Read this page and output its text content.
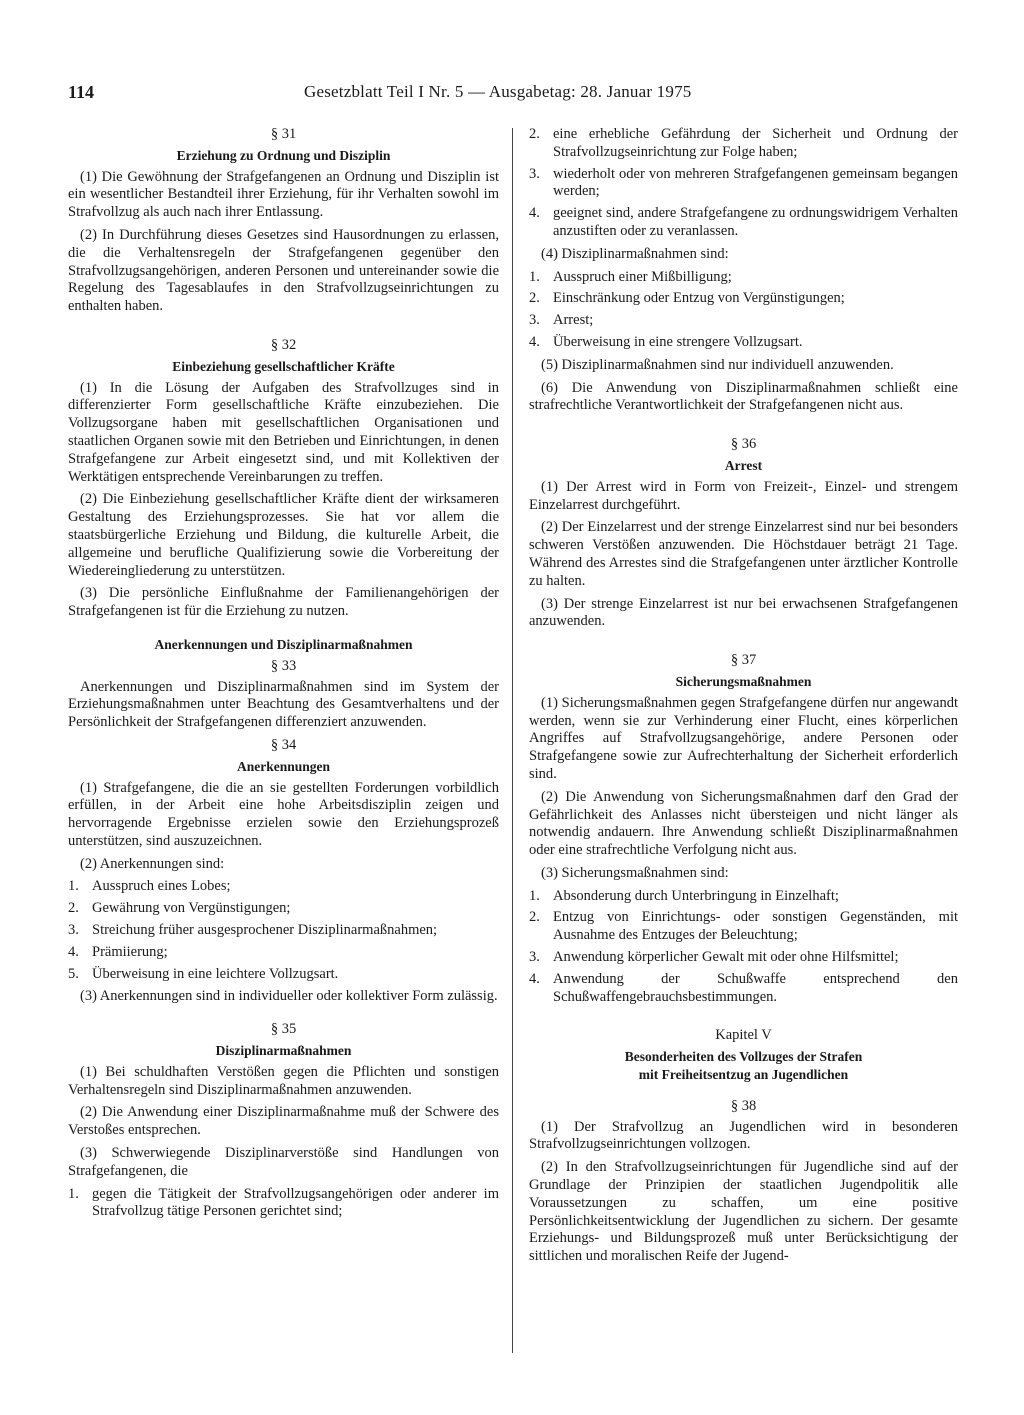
114	Gesetzblatt Teil I Nr. 5 — Ausgabetag: 28. Januar 1975
§ 31
Erziehung zu Ordnung und Disziplin

(1) Die Gewöhnung der Strafgefangenen an Ordnung und Disziplin ist ein wesentlicher Bestandteil ihrer Erziehung, für ihr Verhalten sowohl im Strafvollzug als auch nach ihrer Entlassung.

(2) In Durchführung dieses Gesetzes sind Hausordnungen zu erlassen, die die Verhaltensregeln der Strafgefangenen gegenüber den Strafvollzugsangehörigen, anderen Personen und untereinander sowie die Regelung des Tagesablaufes in den Strafvollzugseinrichtungen zu enthalten haben.

§ 32
Einbeziehung gesellschaftlicher Kräfte

(1) In die Lösung der Aufgaben des Strafvollzuges sind in differenzierter Form gesellschaftliche Kräfte einzubeziehen. Die Vollzugsorgane haben mit gesellschaftlichen Organisationen und staatlichen Organen sowie mit den Betrieben und Einrichtungen, in denen Strafgefangene zur Arbeit eingesetzt sind, und mit Kollektiven der Werktätigen entsprechende Vereinbarungen zu treffen.

(2) Die Einbeziehung gesellschaftlicher Kräfte dient der wirksameren Gestaltung des Erziehungsprozesses. Sie hat vor allem die staatsbürgerliche Erziehung und Bildung, die kulturelle Arbeit, die allgemeine und berufliche Qualifizierung sowie die Vorbereitung der Wiedereingliederung zu unterstützen.

(3) Die persönliche Einflußnahme der Familienangehörigen der Strafgefangenen ist für die Erziehung zu nutzen.

Anerkennungen und Disziplinarmaßnahmen
§ 33

Anerkennungen und Disziplinarmaßnahmen sind im System der Erziehungsmaßnahmen unter Beachtung des Gesamtverhaltens und der Persönlichkeit der Strafgefangenen differenziert anzuwenden.

§ 34
Anerkennungen

(1) Strafgefangene, die die an sie gestellten Forderungen vorbildlich erfüllen, in der Arbeit eine hohe Arbeitsdisziplin zeigen und hervorragende Ergebnisse erzielen sowie den Erziehungsprozeß unterstützen, sind auszuzeichnen.

(2) Anerkennungen sind:

1. Ausspruch eines Lobes;
2. Gewährung von Vergünstigungen;
3. Streichung früher ausgesprochener Disziplinarmaßnahmen;
4. Prämiierung;
5. Überweisung in eine leichtere Vollzugsart.

(3) Anerkennungen sind in individueller oder kollektiver Form zulässig.

§ 35
Disziplinarmaßnahmen

(1) Bei schuldhaften Verstößen gegen die Pflichten und sonstigen Verhaltensregeln sind Disziplinarmaßnahmen anzuwenden.

(2) Die Anwendung einer Disziplinarmaßnahme muß der Schwere des Verstoßes entsprechen.

(3) Schwerwiegende Disziplinarverstöße sind Handlungen von Strafgefangenen, die

1. gegen die Tätigkeit der Strafvollzugsangehörigen oder anderer im Strafvollzug tätige Personen gerichtet sind;
2. eine erhebliche Gefährdung der Sicherheit und Ordnung der Strafvollzugseinrichtung zur Folge haben;
3. wiederholt oder von mehreren Strafgefangenen gemeinsam begangen werden;
4. geeignet sind, andere Strafgefangene zu ordnungswidrigem Verhalten anzustiften oder zu veranlassen.

(4) Disziplinarmaßnahmen sind:

1. Ausspruch einer Mißbilligung;
2. Einschränkung oder Entzug von Vergünstigungen;
3. Arrest;
4. Überweisung in eine strengere Vollzugsart.

(5) Disziplinarmaßnahmen sind nur individuell anzuwenden.

(6) Die Anwendung von Disziplinarmaßnahmen schließt eine strafrechtliche Verantwortlichkeit der Strafgefangenen nicht aus.

§ 36
Arrest

(1) Der Arrest wird in Form von Freizeit-, Einzel- und strengem Einzelarrest durchgeführt.

(2) Der Einzelarrest und der strenge Einzelarrest sind nur bei besonders schweren Verstößen anzuwenden. Die Höchstdauer beträgt 21 Tage. Während des Arrestes sind die Strafgefangenen unter ärztlicher Kontrolle zu halten.

(3) Der strenge Einzelarrest ist nur bei erwachsenen Strafgefangenen anzuwenden.

§ 37
Sicherungsmaßnahmen

(1) Sicherungsmaßnahmen gegen Strafgefangene dürfen nur angewandt werden, wenn sie zur Verhinderung einer Flucht, eines körperlichen Angriffes auf Strafvollzugsangehörige, andere Personen oder Strafgefangene sowie zur Aufrechterhaltung der Sicherheit erforderlich sind.

(2) Die Anwendung von Sicherungsmaßnahmen darf den Grad der Gefährlichkeit des Anlasses nicht übersteigen und nicht länger als notwendig andauern. Ihre Anwendung schließt Disziplinarmaßnahmen oder eine strafrechtliche Verfolgung nicht aus.

(3) Sicherungsmaßnahmen sind:

1. Absonderung durch Unterbringung in Einzelhaft;
2. Entzug von Einrichtungs- oder sonstigen Gegenständen, mit Ausnahme des Entzuges der Beleuchtung;
3. Anwendung körperlicher Gewalt mit oder ohne Hilfsmittel;
4. Anwendung der Schußwaffe entsprechend den Schußwaffengebrauchsbestimmungen.
Kapitel V
Besonderheiten des Vollzuges der Strafen
mit Freiheitsentzug an Jugendlichen
§ 38

(1) Der Strafvollzug an Jugendlichen wird in besonderen Strafvollzugseinrichtungen vollzogen.

(2) In den Strafvollzugseinrichtungen für Jugendliche sind auf der Grundlage der Prinzipien der staatlichen Jugendpolitik alle Voraussetzungen zu schaffen, um eine positive Persönlichkeitsentwicklung der Jugendlichen zu sichern. Der gesamte Erziehungs- und Bildungsprozeß muß unter Berücksichtigung der sittlichen und moralischen Reife der Jugend-
